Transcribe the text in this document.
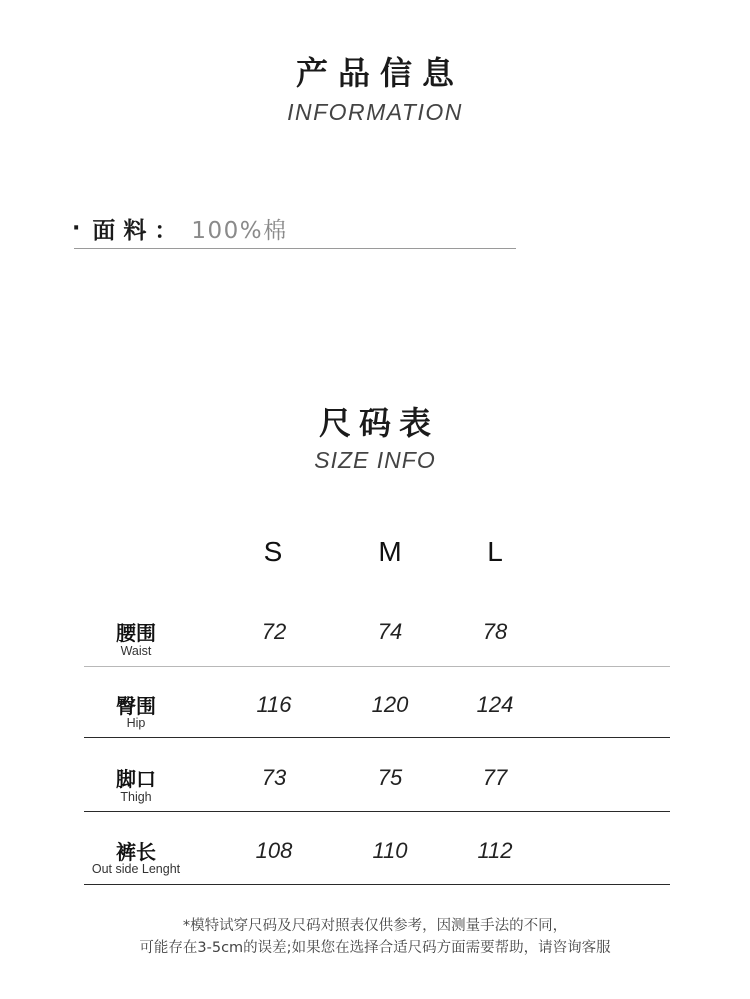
产品信息
INFORMATION
· 面料： 100%棉
尺码表
SIZE INFO
S	M	L
腰围
Waist
72	74	78
臀围
Hip
116	120	124
脚口
Thigh
73	75	77
裤长
Out side Lenght
108	110	112
*模特试穿尺码及尺码对照表仅供参考，因测量手法的不同，
可能存在3-5cm的误差;如果您在选择合适尺码方面需要帮助，请咨询客服
